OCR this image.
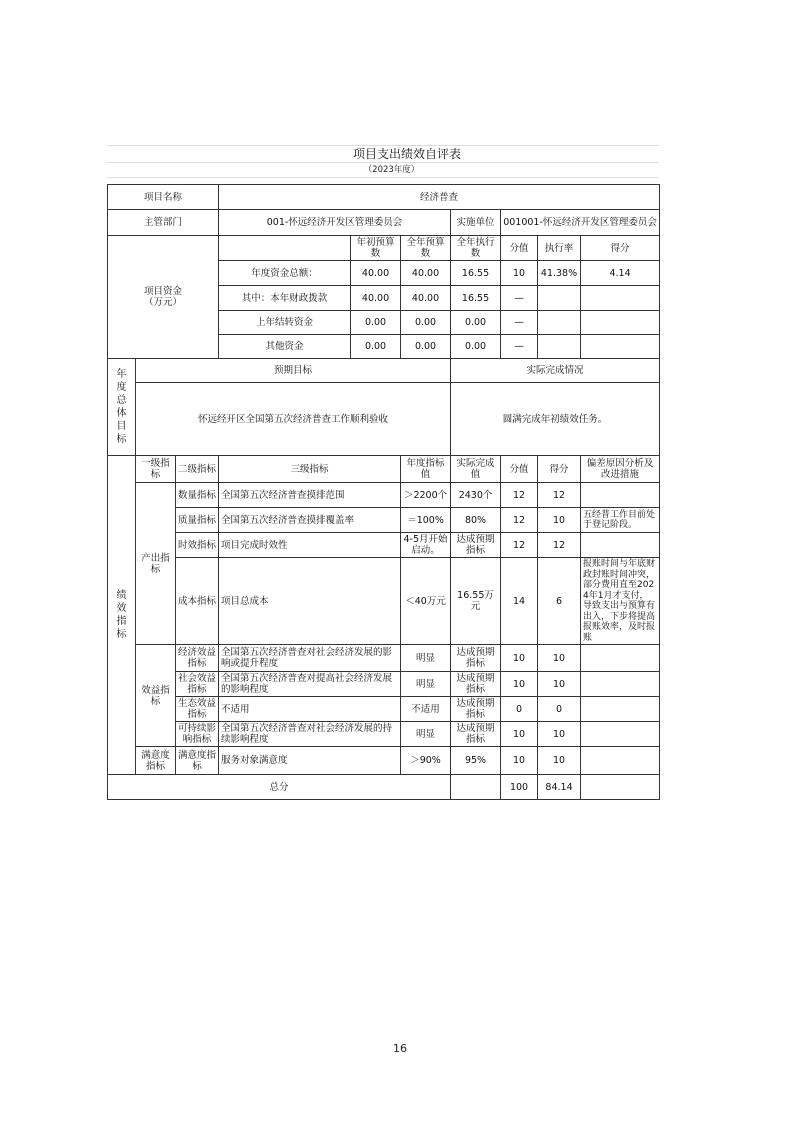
项目支出绩效自评表
（2023年度）
项目名称			经济普查						
主管部门			001-怀远经济开发区管理委员会			实施单位	001001-怀远经济开发区管理委员会		

项目资金
（万元）				年初预算数	全年预算数	全年执行数	分值	执行率	得分
			年度资金总额：	40.00	40.00	16.55	10	41.38%	4.14
			其中：本年财政拨款	40.00	40.00	16.55	—		
			上年结转资金	0.00	0.00	0.00	—		
			其他资金	0.00	0.00	0.00	—		
年度总体目标	预期目标					实际完成情况			
	怀远经开区全国第五次经济普查工作顺利验收					圆满完成年初绩效任务。			
绩效指标	一级指标	二级指标	三级指标		年度指标值	实际完成值	分值	得分	偏差原因分析及改进措施
	产出指标	数量指标	全国第五次经济普查摸排范围		＞2200个	2430个	12	12	
		质量指标	全国第五次经济普查摸排覆盖率		＝100%	80%	12	10	五经普工作目前处于登记阶段。
		时效指标	项目完成时效性		4-5月开始启动。	达成预期指标	12	12	
		成本指标	项目总成本		＜40万元	16.55万元	14	6	报账时间与年底财政封账时间冲突，部分费用直至2024年1月才支付，导致支出与预算有出入，下步将提高报账效率，及时报账
	效益指标	经济效益指标	全国第五次经济普查对社会经济发展的影响或提升程度		明显	达成预期指标	10	10	
		社会效益指标	全国第五次经济普查对提高社会经济发展的影响程度		明显	达成预期指标	10	10	
		生态效益指标	不适用		不适用	达成预期指标	0	0	
		可持续影响指标	全国第五次经济普查对社会经济发展的持续影响程度		明显	达成预期指标	10	10	
	满意度指标	满意度指标	服务对象满意度		＞90%	95%	10	10	
总分							100	84.14	
16
